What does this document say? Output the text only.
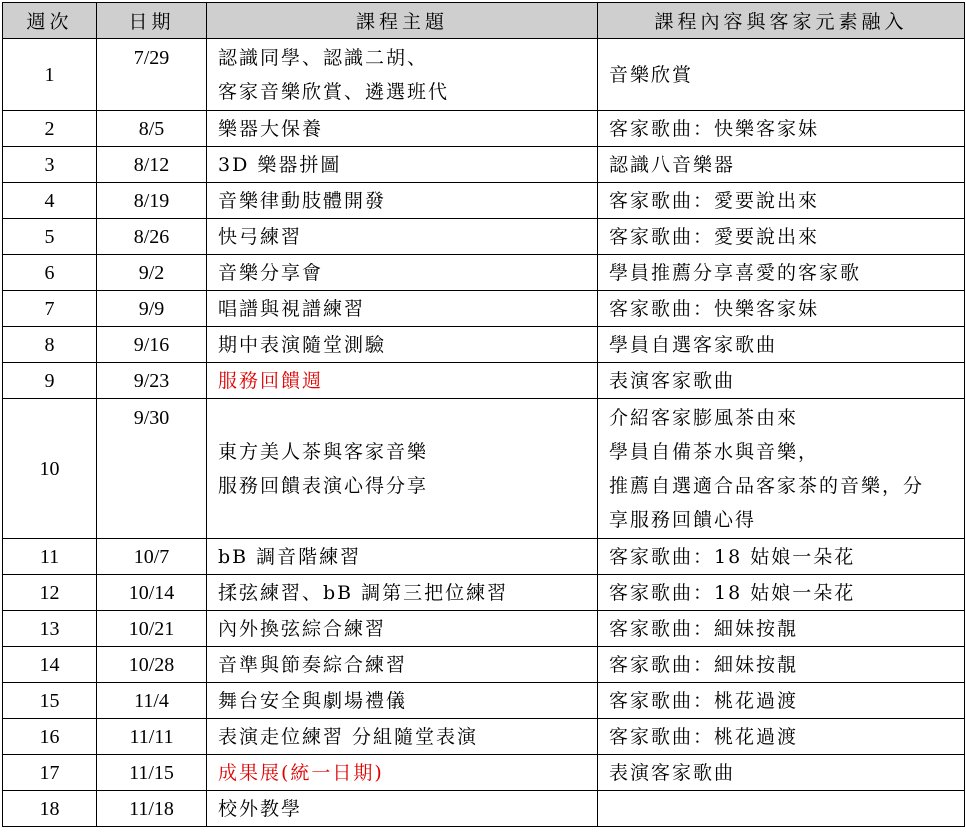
週次	日期	課程主題	課程內容與客家元素融入
1	7/29	認識同學、認識二胡、
客家音樂欣賞、遴選班代	音樂欣賞

2	8/5	樂器大保養	客家歌曲：快樂客家妹

3	8/12	3D 樂器拼圖	認識八音樂器

4	8/19	音樂律動肢體開發	客家歌曲：愛要說出來

5	8/26	快弓練習	客家歌曲：愛要說出來

6	9/2	音樂分享會	學員推薦分享喜愛的客家歌

7	9/9	唱譜與視譜練習	客家歌曲：快樂客家妹

8	9/16	期中表演隨堂測驗	學員自選客家歌曲

9	9/23	服務回饋週	表演客家歌曲

10	9/30	東方美人茶與客家音樂
服務回饋表演心得分享	介紹客家膨風茶由來
學員自備茶水與音樂，
推薦自選適合品客家茶的音樂，分
享服務回饋心得

11	10/7	bB 調音階練習	客家歌曲：18 姑娘一朵花

12	10/14	揉弦練習、bB 調第三把位練習	客家歌曲：18 姑娘一朵花

13	10/21	內外換弦綜合練習	客家歌曲：細妹按靚

14	10/28	音準與節奏綜合練習	客家歌曲：細妹按靚

15	11/4	舞台安全與劇場禮儀	客家歌曲：桃花過渡

16	11/11	表演走位練習 分組隨堂表演	客家歌曲：桃花過渡

17	11/15	成果展(統一日期)	表演客家歌曲

18	11/18	校外教學	
